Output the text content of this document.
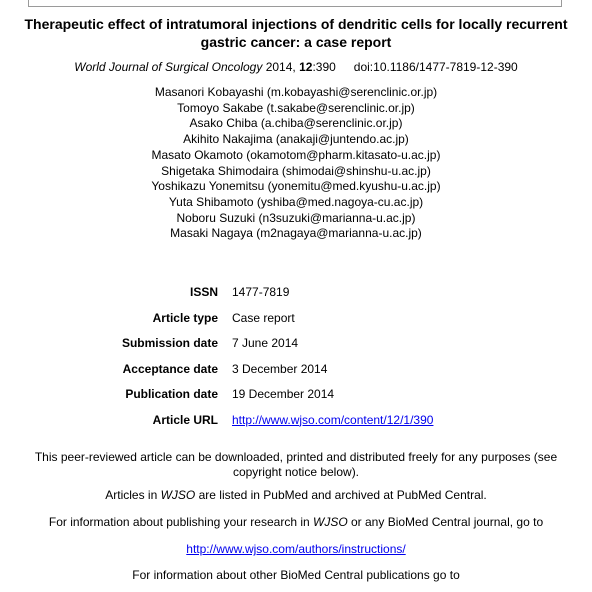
Therapeutic effect of intratumoral injections of dendritic cells for locally recurrent gastric cancer: a case report
World Journal of Surgical Oncology 2014, 12:390 doi:10.1186/1477-7819-12-390
Masanori Kobayashi (m.kobayashi@serenclinic.or.jp)
Tomoyo Sakabe (t.sakabe@serenclinic.or.jp)
Asako Chiba (a.chiba@serenclinic.or.jp)
Akihito Nakajima (anakaji@juntendo.ac.jp)
Masato Okamoto (okamotom@pharm.kitasato-u.ac.jp)
Shigetaka Shimodaira (shimodai@shinshu-u.ac.jp)
Yoshikazu Yonemitsu (yonemitu@med.kyushu-u.ac.jp)
Yuta Shibamoto (yshiba@med.nagoya-cu.ac.jp)
Noboru Suzuki (n3suzuki@marianna-u.ac.jp)
Masaki Nagaya (m2nagaya@marianna-u.ac.jp)
ISSN 1477-7819
Article type Case report
Submission date 7 June 2014
Acceptance date 3 December 2014
Publication date 19 December 2014
Article URL http://www.wjso.com/content/12/1/390
This peer-reviewed article can be downloaded, printed and distributed freely for any purposes (see copyright notice below).
Articles in WJSO are listed in PubMed and archived at PubMed Central.
For information about publishing your research in WJSO or any BioMed Central journal, go to
http://www.wjso.com/authors/instructions/
For information about other BioMed Central publications go to
